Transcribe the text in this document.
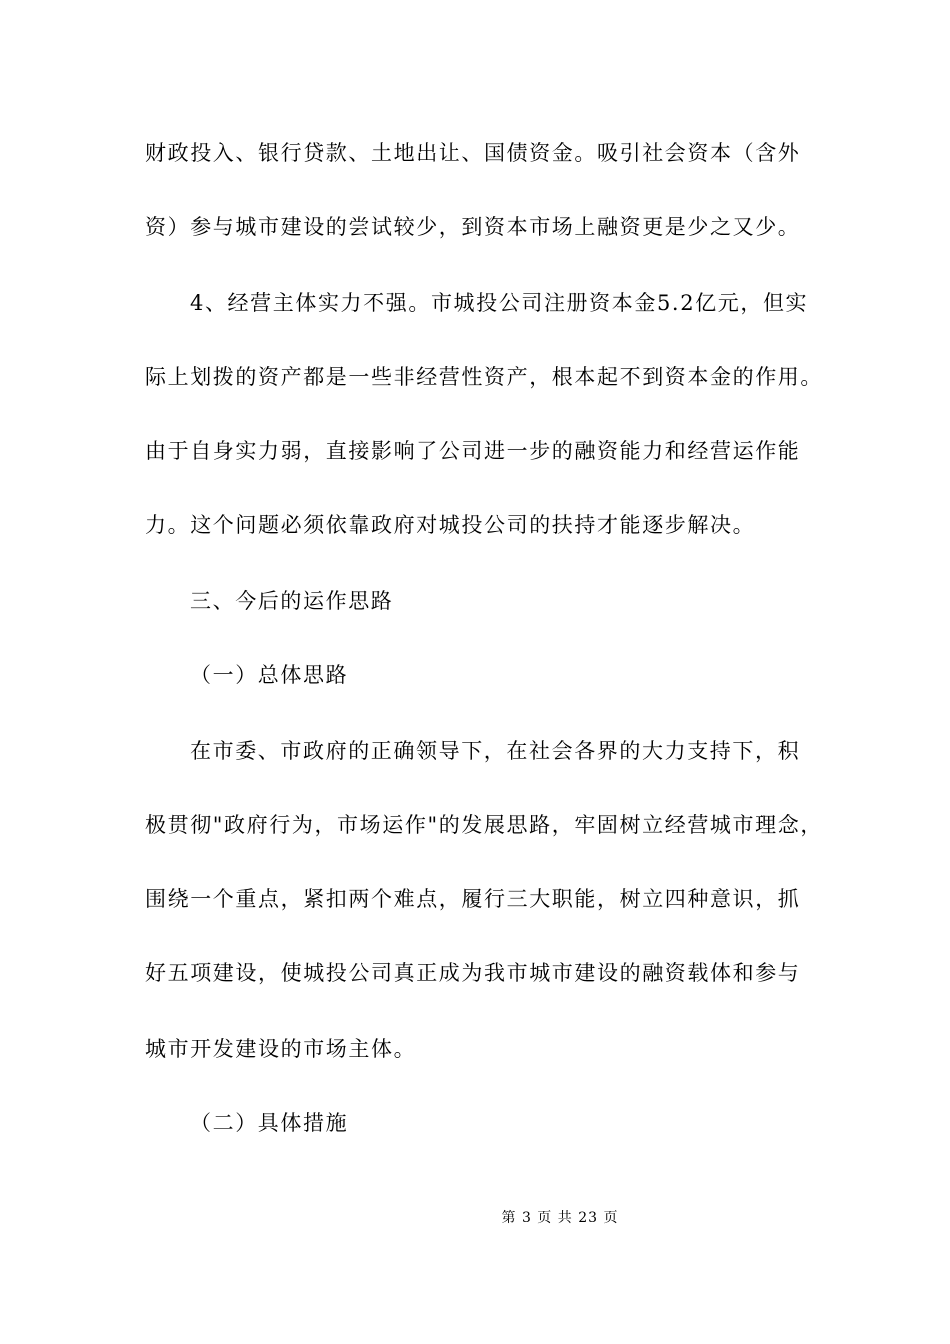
财政投入、银行贷款、土地出让、国债资金。吸引社会资本（含外
资）参与城市建设的尝试较少，到资本市场上融资更是少之又少。
4、经营主体实力不强。市城投公司注册资本金5.2亿元，但实
际上划拨的资产都是一些非经营性资产，根本起不到资本金的作用。
由于自身实力弱，直接影响了公司进一步的融资能力和经营运作能
力。这个问题必须依靠政府对城投公司的扶持才能逐步解决。
三、今后的运作思路
（一）总体思路
在市委、市政府的正确领导下，在社会各界的大力支持下，积
极贯彻"政府行为，市场运作"的发展思路，牢固树立经营城市理念，
围绕一个重点，紧扣两个难点，履行三大职能，树立四种意识，抓
好五项建设，使城投公司真正成为我市城市建设的融资载体和参与
城市开发建设的市场主体。
（二）具体措施
第 3 页 共 23 页
